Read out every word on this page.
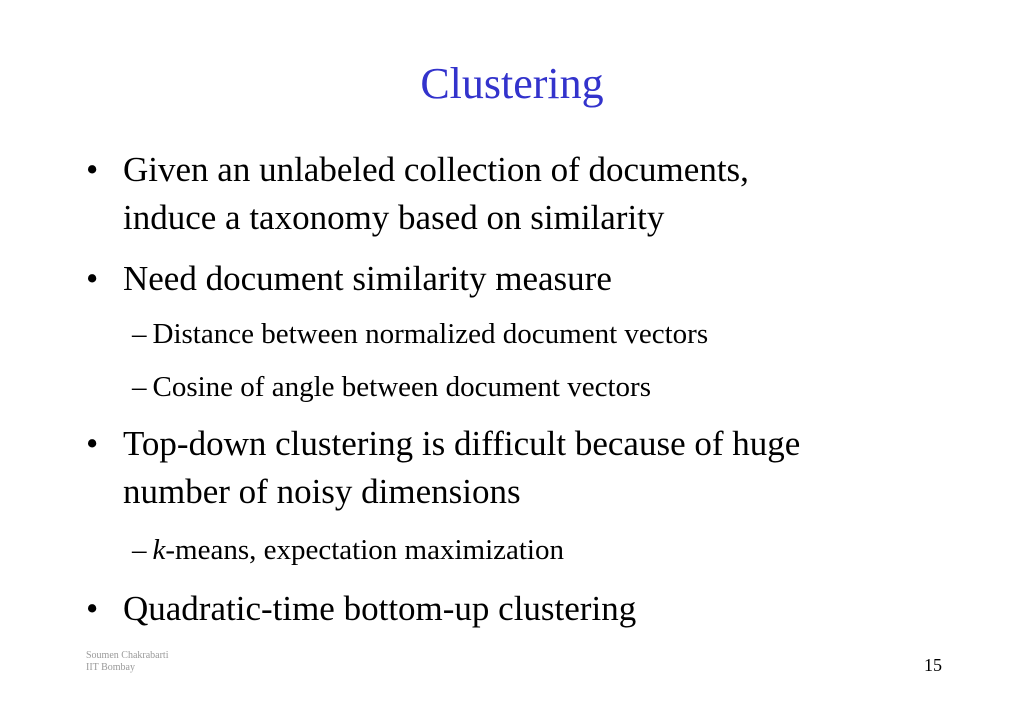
Clustering
• Given an unlabeled collection of documents,
induce a taxonomy based on similarity
• Need document similarity measure
– Distance between normalized document vectors
– Cosine of angle between document vectors
• Top-down clustering is difficult because of huge
number of noisy dimensions
– k-means, expectation maximization
• Quadratic-time bottom-up clustering
Soumen Chakrabarti
IIT Bombay	15
